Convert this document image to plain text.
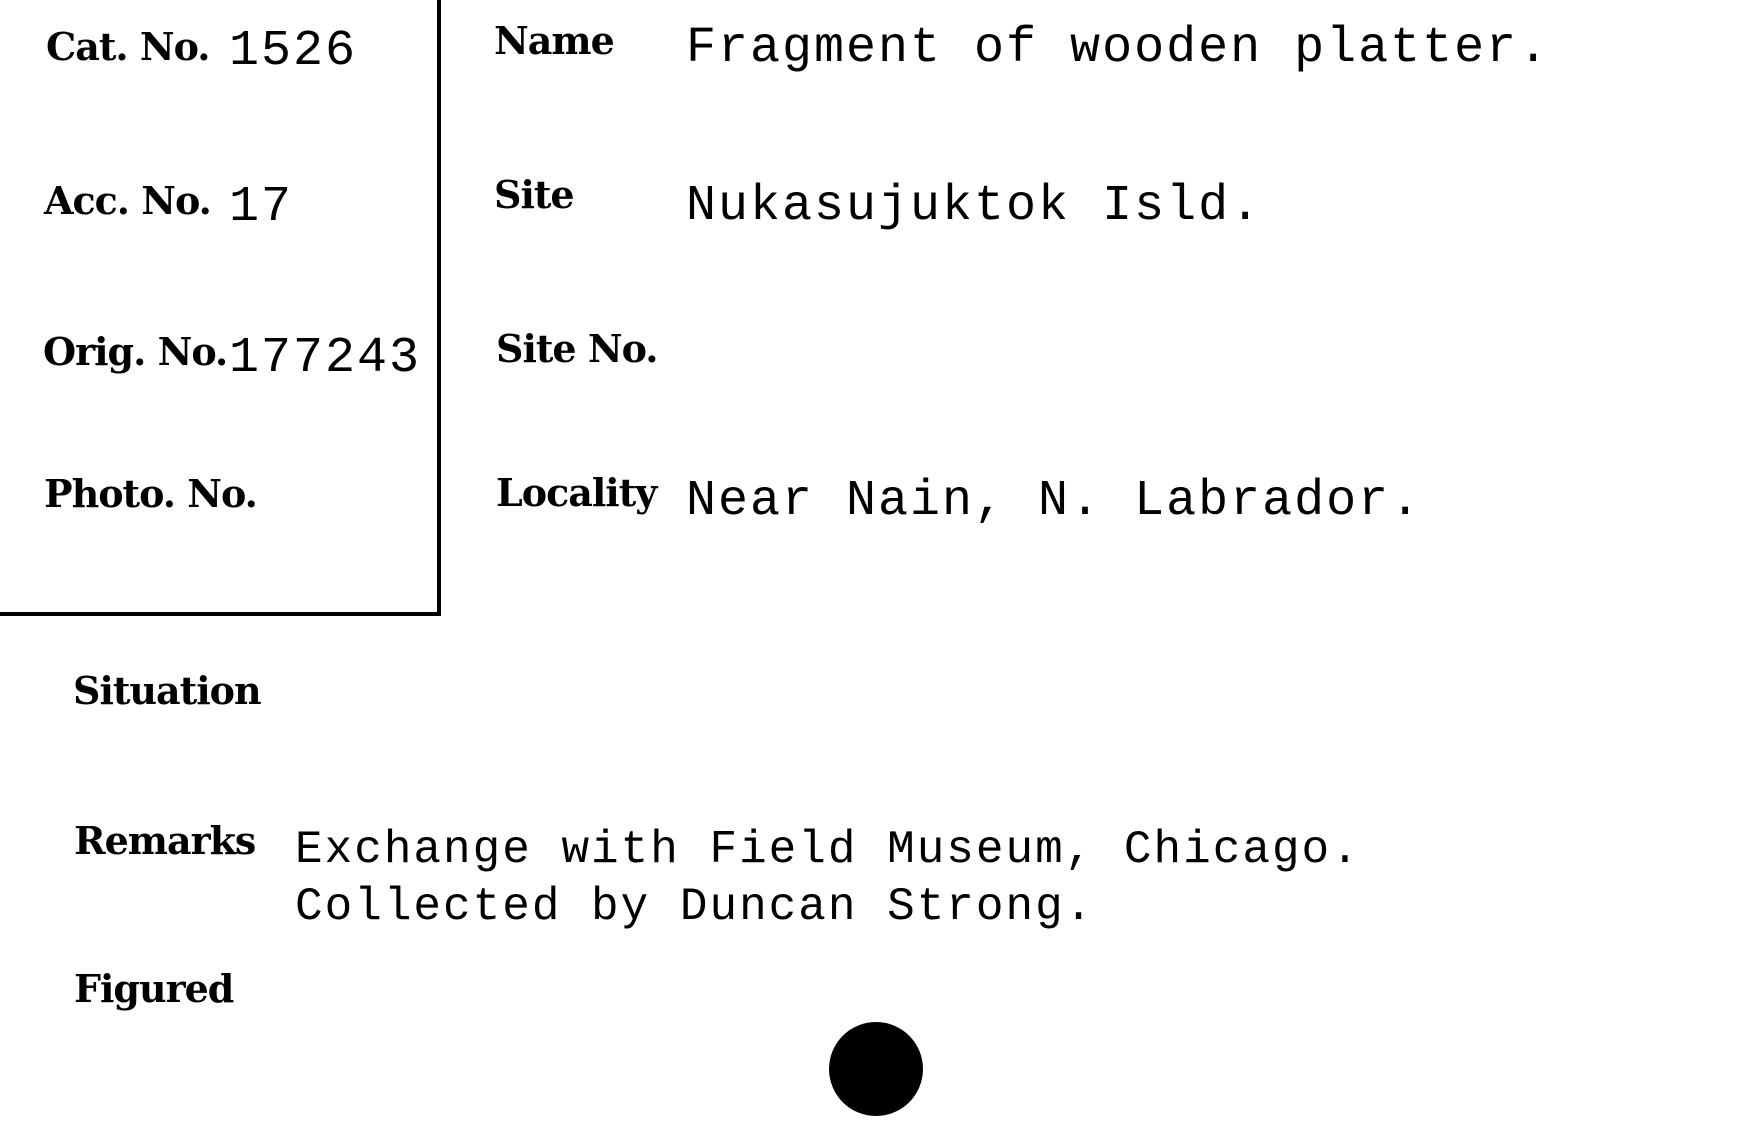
Cat. No. 1526
Acc. No. 17
Orig. No. 177243
Photo. No.
Name Fragment of wooden platter.
Site Nukasujuktok Isld.
Site No.
Locality Near Nain, N. Labrador.
Situation
Remarks Exchange with Field Museum, Chicago.
Collected by Duncan Strong.
Figured
